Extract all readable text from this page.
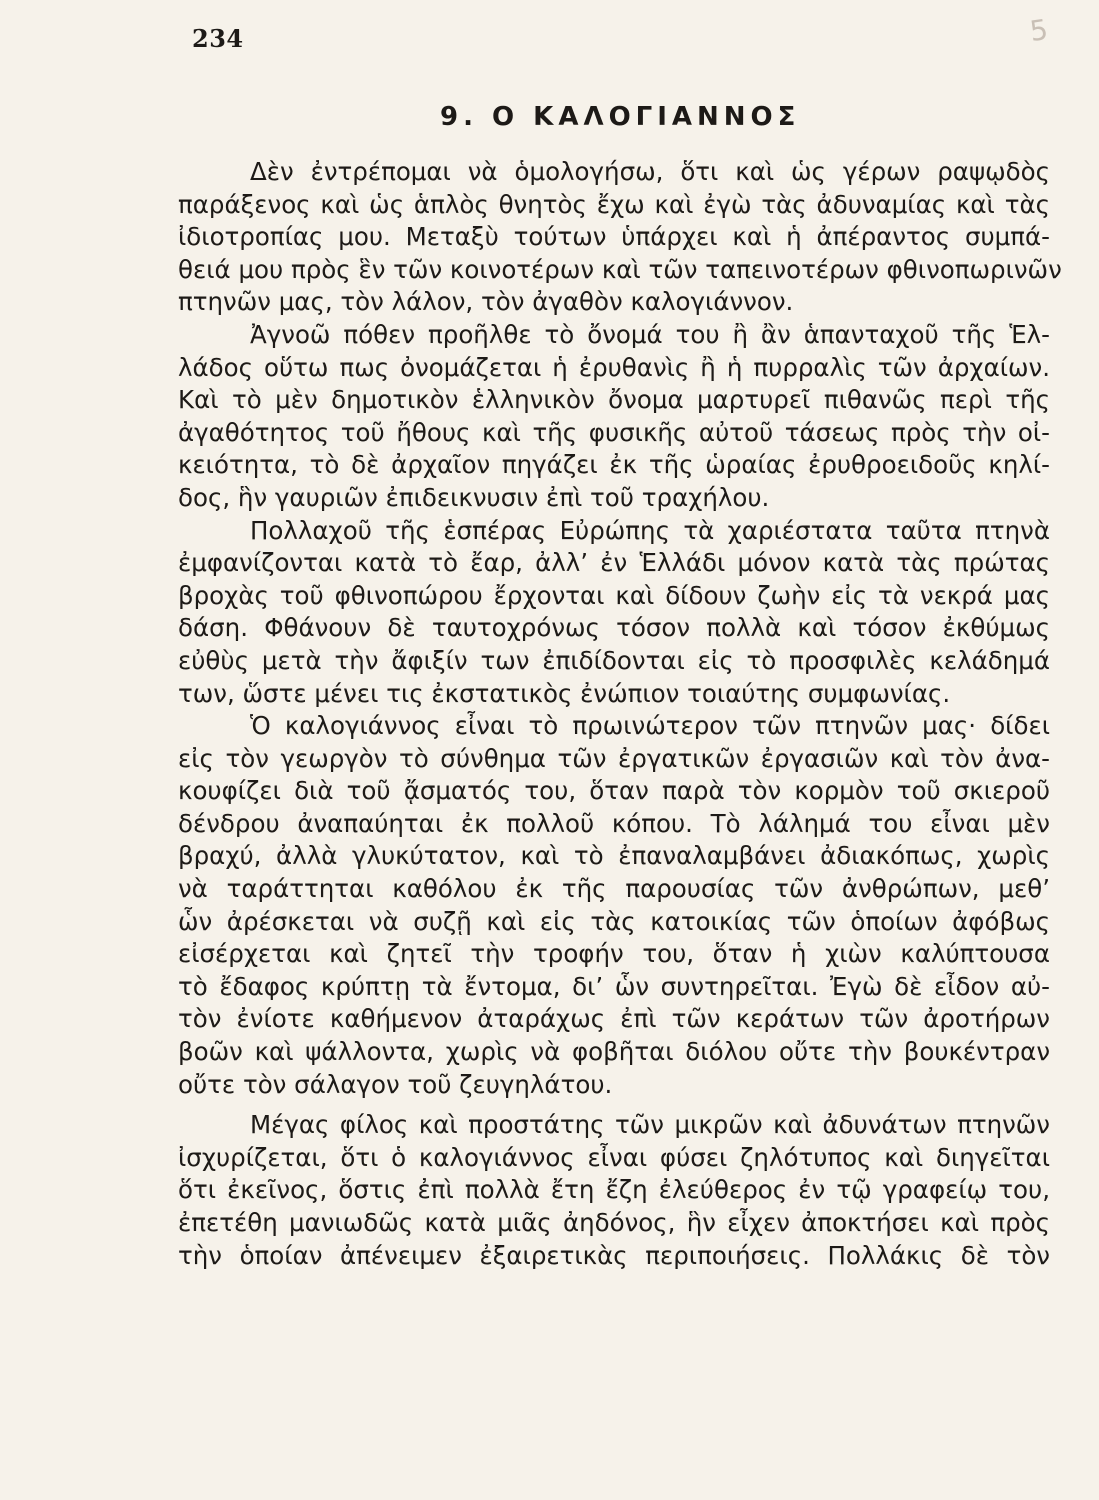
234	5
9. Ο ΚΑΛΟΓΙΑΝΝΟΣ
Δὲν ἐντρέπομαι νὰ ὁμολογήσω, ὅτι καὶ ὡς γέρων ραψῳδὸς
παράξενος καὶ ὡς ἁπλὸς θνητὸς ἔχω καὶ ἐγὼ τὰς ἀδυναμίας καὶ τὰς
ἰδιοτροπίας μου. Μεταξὺ τούτων ὑπάρχει καὶ ἡ ἀπέραντος συμπά-
θειά μου πρὸς ἓν τῶν κοινοτέρων καὶ τῶν ταπεινοτέρων φθινοπωρινῶν
πτηνῶν μας, τὸν λάλον, τὸν ἀγαθὸν καλογιάννον.
Ἀγνοῶ πόθεν προῆλθε τὸ ὄνομά του ἢ ἂν ἁπανταχοῦ τῆς Ἑλ-
λάδος οὕτω πως ὀνομάζεται ἡ ἐρυθανὶς ἢ ἡ πυρραλὶς τῶν ἀρχαίων.
Καὶ τὸ μὲν δημοτικὸν ἑλληνικὸν ὄνομα μαρτυρεῖ πιθανῶς περὶ τῆς
ἀγαθότητος τοῦ ἤθους καὶ τῆς φυσικῆς αὐτοῦ τάσεως πρὸς τὴν οἰ-
κειότητα, τὸ δὲ ἀρχαῖον πηγάζει ἐκ τῆς ὡραίας ἐρυθροειδοῦς κηλί-
δος, ἣν γαυριῶν ἐπιδεικνυσιν ἐπὶ τοῦ τραχήλου.
Πολλαχοῦ τῆς ἑσπέρας Εὐρώπης τὰ χαριέστατα ταῦτα πτηνὰ
ἐμφανίζονται κατὰ τὸ ἔαρ, ἀλλ’ ἐν Ἑλλάδι μόνον κατὰ τὰς πρώτας
βροχὰς τοῦ φθινοπώρου ἔρχονται καὶ δίδουν ζωὴν εἰς τὰ νεκρά μας
δάση. Φθάνουν δὲ ταυτοχρόνως τόσον πολλὰ καὶ τόσον ἐκθύμως
εὐθὺς μετὰ τὴν ἄφιξίν των ἐπιδίδονται εἰς τὸ προσφιλὲς κελάδημά
των, ὥστε μένει τις ἐκστατικὸς ἐνώπιον τοιαύτης συμφωνίας.
Ὁ καλογιάννος εἶναι τὸ πρωινώτερον τῶν πτηνῶν μας· δίδει
εἰς τὸν γεωργὸν τὸ σύνθημα τῶν ἐργατικῶν ἐργασιῶν καὶ τὸν ἀνα-
κουφίζει διὰ τοῦ ᾄσματός του, ὅταν παρὰ τὸν κορμὸν τοῦ σκιεροῦ
δένδρου ἀναπαύηται ἐκ πολλοῦ κόπου. Τὸ λάλημά του εἶναι μὲν
βραχύ, ἀλλὰ γλυκύτατον, καὶ τὸ ἐπαναλαμβάνει ἀδιακόπως, χωρὶς
νὰ ταράττηται καθόλου ἐκ τῆς παρουσίας τῶν ἀνθρώπων, μεθ’
ὧν ἀρέσκεται νὰ συζῇ καὶ εἰς τὰς κατοικίας τῶν ὁποίων ἀφόβως
εἰσέρχεται καὶ ζητεῖ τὴν τροφήν του, ὅταν ἡ χιὼν καλύπτουσα
τὸ ἔδαφος κρύπτῃ τὰ ἔντομα, δι’ ὧν συντηρεῖται. Ἐγὼ δὲ εἶδον αὐ-
τὸν ἐνίοτε καθήμενον ἀταράχως ἐπὶ τῶν κεράτων τῶν ἀροτήρων
βοῶν καὶ ψάλλοντα, χωρὶς νὰ φοβῆται διόλου οὔτε τὴν βουκέντραν
οὔτε τὸν σάλαγον τοῦ ζευγηλάτου.
Μέγας φίλος καὶ προστάτης τῶν μικρῶν καὶ ἀδυνάτων πτηνῶν
ἰσχυρίζεται, ὅτι ὁ καλογιάννος εἶναι φύσει ζηλότυπος καὶ διηγεῖται
ὅτι ἐκεῖνος, ὅστις ἐπὶ πολλὰ ἔτη ἔζη ἐλεύθερος ἐν τῷ γραφείῳ του,
ἐπετέθη μανιωδῶς κατὰ μιᾶς ἀηδόνος, ἣν εἶχεν ἀποκτήσει καὶ πρὸς
τὴν ὁποίαν ἀπένειμεν ἐξαιρετικὰς περιποιήσεις. Πολλάκις δὲ τὸν
